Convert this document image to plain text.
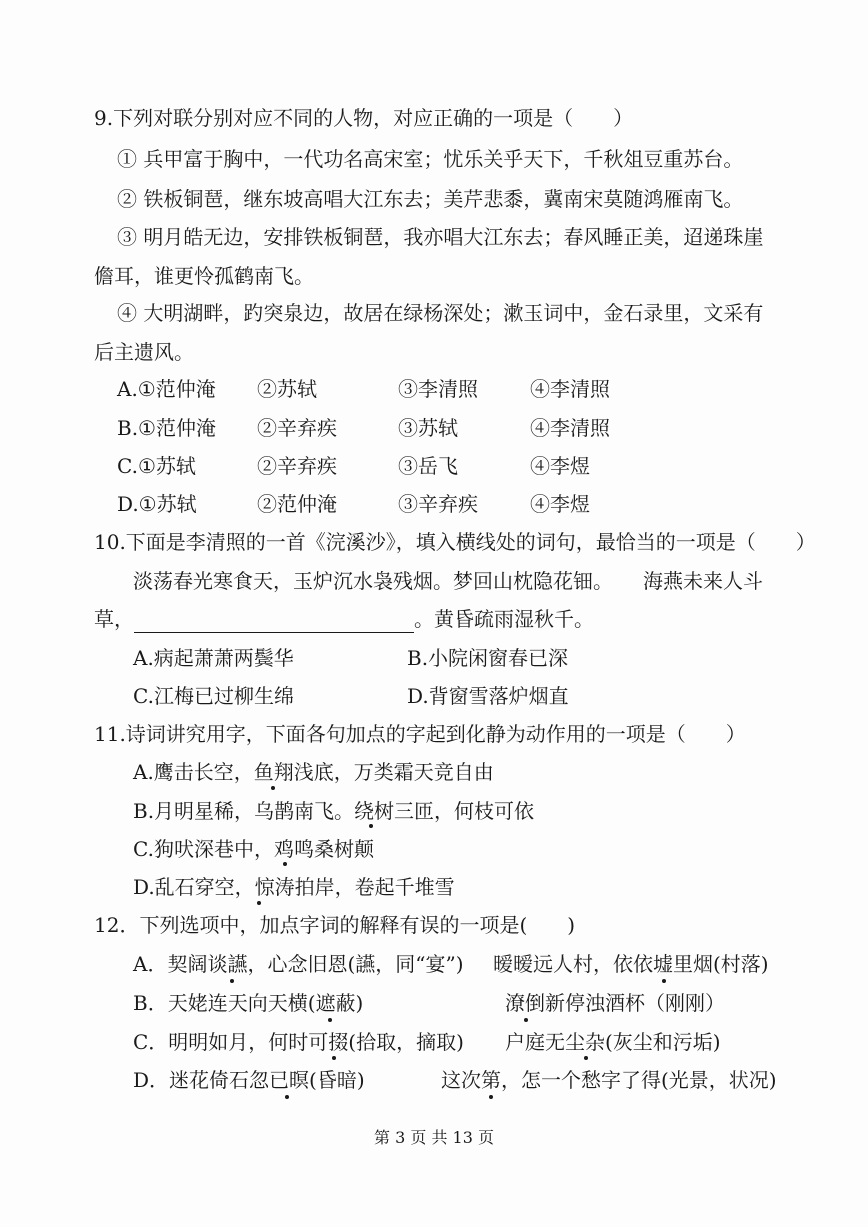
9.下列对联分别对应不同的人物，对应正确的一项是（　　）
① 兵甲富于胸中，一代功名高宋室；忧乐关乎天下，千秋俎豆重苏台。
② 铁板铜琶，继东坡高唱大江东去；美芹悲黍，冀南宋莫随鸿雁南飞。
③ 明月皓无边，安排铁板铜琶，我亦唱大江东去；春风睡正美，迢递珠崖
儋耳，谁更怜孤鹤南飞。
④ 大明湖畔，趵突泉边，故居在绿杨深处；漱玉词中，金石录里，文采有
后主遗风。
A.①范仲淹 ②苏轼	③李清照	④李清照
B.①范仲淹 ②辛弃疾	③苏轼	④李清照
C.①苏轼	②辛弃疾	③岳飞	④李煜
D.①苏轼	②范仲淹	③辛弃疾	④李煜
10.下面是李清照的一首《浣溪沙》，填入横线处的词句，最恰当的一项是（　　）
淡荡春光寒食天，玉炉沉水袅残烟。梦回山枕隐花钿。　　海燕未来人斗
草，	。黄昏疏雨湿秋千。
A.病起萧萧两鬓华	B.小院闲窗春已深
C.江梅已过柳生绵	D.背窗雪落炉烟直
11.诗词讲究用字，下面各句加点的字起到化静为动作用的一项是（　　）
A.鹰击长空，鱼翔浅底，万类霜天竞自由
B.月明星稀，乌鹊南飞。绕树三匝，何枝可依
C.狗吠深巷中，鸡鸣桑树颠
D.乱石穿空，惊涛拍岸，卷起千堆雪
12．下列选项中，加点字词的解释有误的一项是(　　)
A．契阔谈讌，心念旧恩(讌，同“宴”) 暧暧远人村，依依墟里烟(村落)
B．天姥连天向天横(遮蔽)	潦倒新停浊酒杯（刚刚）
C．明明如月，何时可掇(拾取，摘取) 户庭无尘杂(灰尘和污垢)
D．迷花倚石忽已暝(昏暗)	这次第，怎一个愁字了得(光景，状况)
第 3 页 共 13 页
